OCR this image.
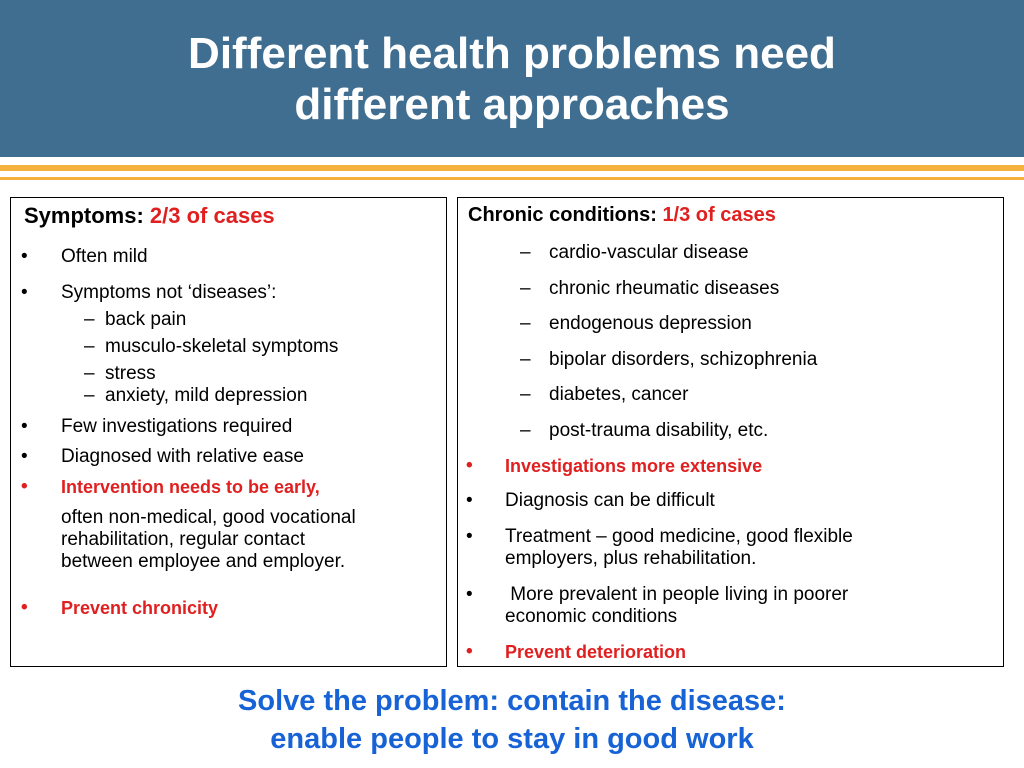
Different health problems need
different approaches
Symptoms: 2/3 of cases
•	Often mild
•	Symptoms not ‘diseases’:
– back pain
– musculo-skeletal symptoms
– stress
– anxiety, mild depression
•	Few investigations required
•	Diagnosed with relative ease
•	Intervention needs to be early,
often non-medical, good vocational
rehabilitation, regular contact
between employee and employer.
•	Prevent chronicity
Chronic conditions: 1/3 of cases
– cardio-vascular disease
– chronic rheumatic diseases
– endogenous depression
– bipolar disorders, schizophrenia
– diabetes, cancer
– post-trauma disability, etc.
•	Investigations more extensive
•	Diagnosis can be difficult
•	Treatment – good medicine, good flexible
employers, plus rehabilitation.
•	More prevalent in people living in poorer
economic conditions
•	Prevent deterioration
Solve the problem: contain the disease:
enable people to stay in good work
